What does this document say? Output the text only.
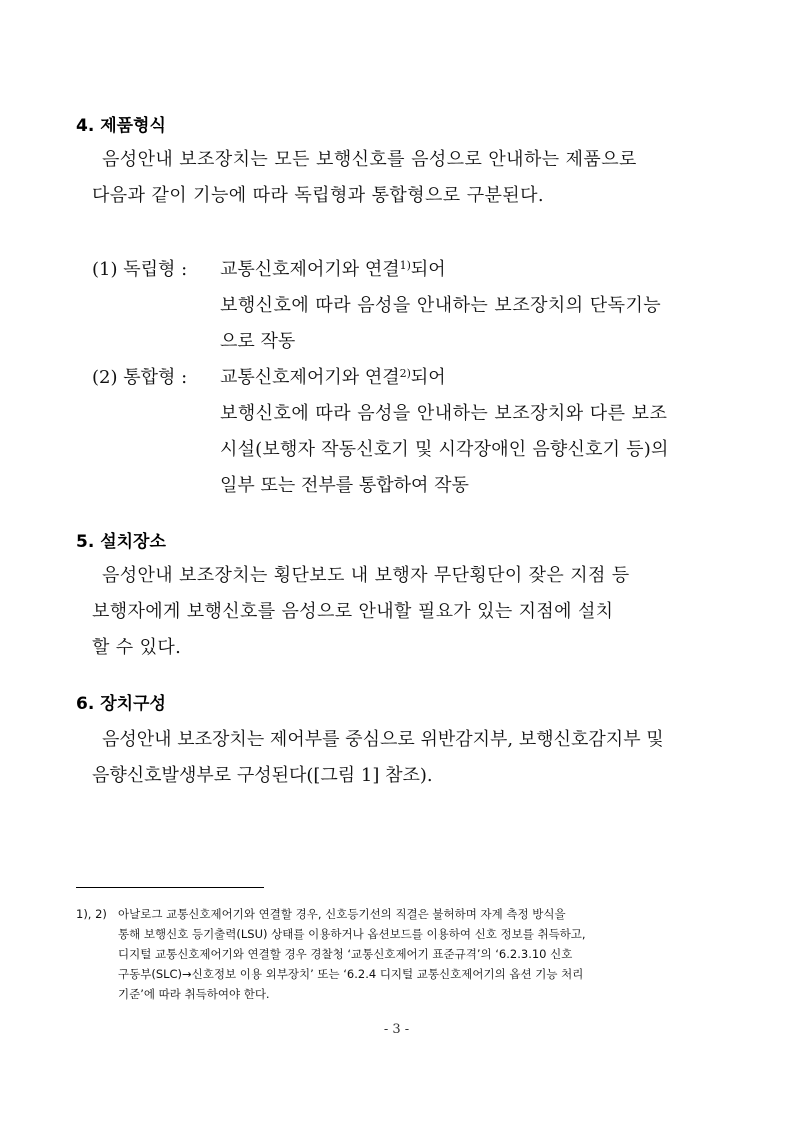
4. 제품형식
음성안내 보조장치는 모든 보행신호를 음성으로 안내하는 제품으로
다음과 같이 기능에 따라 독립형과 통합형으로 구분된다.
(1) 독립형 : 교통신호제어기와 연결$^{1)}$되어
보행신호에 따라 음성을 안내하는 보조장치의 단독기능
으로 작동
(2) 통합형 : 교통신호제어기와 연결$^{2)}$되어
보행신호에 따라 음성을 안내하는 보조장치와 다른 보조
시설(보행자 작동신호기 및 시각장애인 음향신호기 등)의
일부 또는 전부를 통합하여 작동
5. 설치장소
음성안내 보조장치는 횡단보도 내 보행자 무단횡단이 잦은 지점 등
보행자에게 보행신호를 음성으로 안내할 필요가 있는 지점에 설치
할 수 있다.
6. 장치구성
음성안내 보조장치는 제어부를 중심으로 위반감지부, 보행신호감지부 및
음향신호발생부로 구성된다([그림 1] 참조).
1), 2) 아날로그 교통신호제어기와 연결할 경우, 신호등기선의 직결은 불허하며 자계 측정 방식을
통해 보행신호 등기출력(LSU) 상태를 이용하거나 옵션보드를 이용하여 신호 정보를 취득하고,
디지털 교통신호제어기와 연결할 경우 경찰청 ‘교통신호제어기 표준규격’의 ‘6.2.3.10 신호
구동부(SLC)→신호정보 이용 외부장치’ 또는 ‘6.2.4 디지털 교통신호제어기의 옵션 기능 처리
기준’에 따라 취득하여야 한다.
- 3 -
